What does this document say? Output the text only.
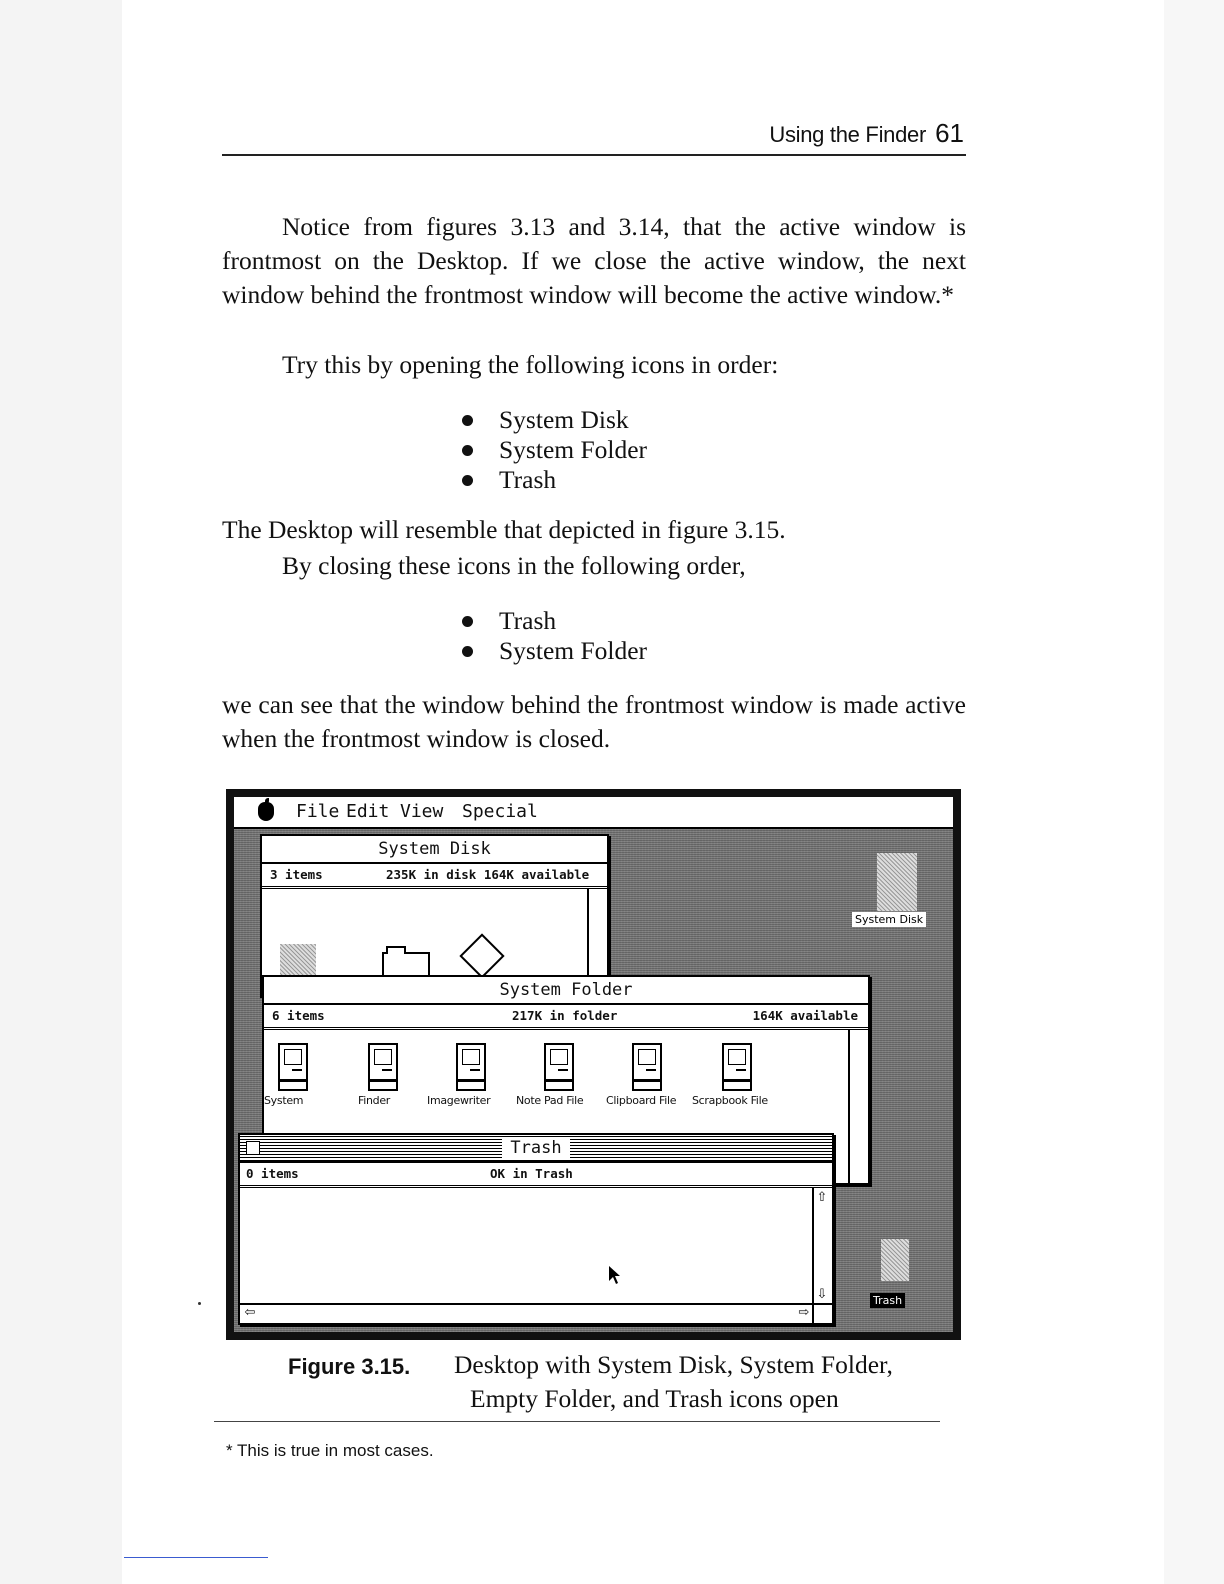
Using the Finder 61
Notice from figures 3.13 and 3.14, that the active window is frontmost on the Desktop. If we close the active window, the next window behind the frontmost window will become the active window.*
Try this by opening the following icons in order:
System Disk
System Folder
Trash
The Desktop will resemble that depicted in figure 3.15.
By closing these icons in the following order,
Trash
System Folder
we can see that the window behind the frontmost window is made active when the frontmost window is closed.
File Edit View Special
System Disk
Trash
System Disk
3 items	235K in disk 164K available
System Folder
6 items	217K in folder	164K available
System	Finder	Imagewriter Note Pad File Clipboard File Scrapbook File
Trash
0 items	OK in Trash
⇧
⇩
⇦	⇨
Figure 3.15. Desktop with System Disk, System Folder,
Empty Folder, and Trash icons open
* This is true in most cases.
